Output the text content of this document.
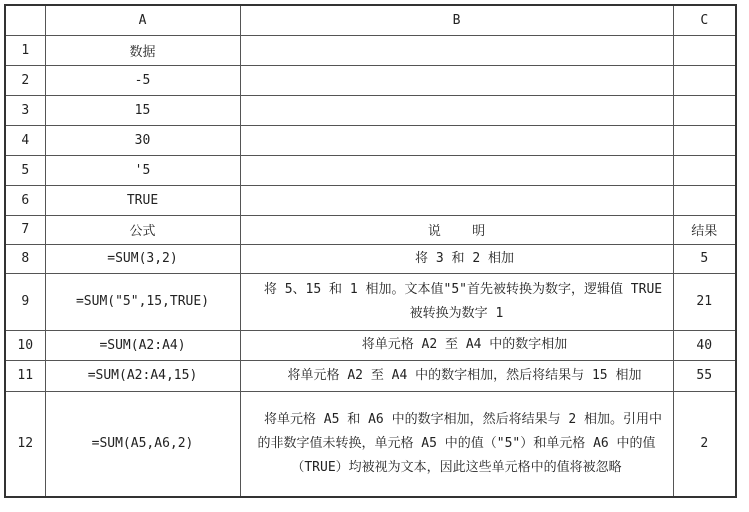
	A	B	C
1	数据		
2	-5		
3	15		
4	30		
5	'5		
6	TRUE		
7	公式	说    明	结果
8	=SUM(3,2)	将 3 和 2 相加	5
9	=SUM("5",15,TRUE)	将 5、15 和 1 相加。文本值"5"首先被转换为数字，逻辑值 TRUE 被转换为数字 1	21
10	=SUM(A2:A4)	将单元格 A2 至 A4 中的数字相加	40
11	=SUM(A2:A4,15)	将单元格 A2 至 A4 中的数字相加，然后将结果与 15 相加	55
12	=SUM(A5,A6,2)	将单元格 A5 和 A6 中的数字相加，然后将结果与 2 相加。引用中的非数字值未转换，单元格 A5 中的值（"5"）和单元格 A6 中的值（TRUE）均被视为文本，因此这些单元格中的值将被忽略	2
